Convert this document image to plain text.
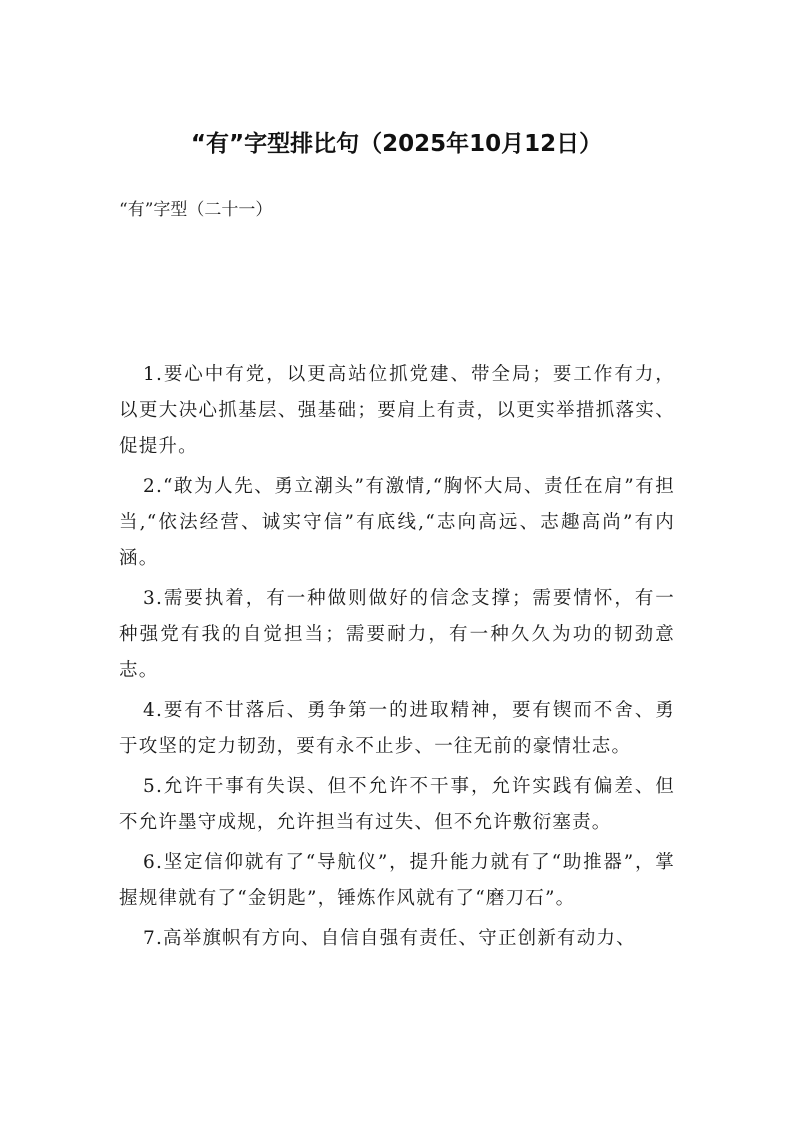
“有”字型排比句（2025年10月12日）
“有”字型（二十一）
1.要心中有党，以更高站位抓党建、带全局；要工作有力，以更大决心抓基层、强基础；要肩上有责，以更实举措抓落实、促提升。
2.“敢为人先、勇立潮头”有激情,“胸怀大局、责任在肩”有担当,“依法经营、诚实守信”有底线,“志向高远、志趣高尚”有内涵。
3.需要执着，有一种做则做好的信念支撑；需要情怀，有一种强党有我的自觉担当；需要耐力，有一种久久为功的韧劲意志。
4.要有不甘落后、勇争第一的进取精神，要有锲而不舍、勇于攻坚的定力韧劲，要有永不止步、一往无前的豪情壮志。
5.允许干事有失误、但不允许不干事，允许实践有偏差、但不允许墨守成规，允许担当有过失、但不允许敷衍塞责。
6.坚定信仰就有了“导航仪”，提升能力就有了“助推器”，掌握规律就有了“金钥匙”，锤炼作风就有了“磨刀石”。
7.高举旗帜有方向、自信自强有责任、守正创新有动力、
